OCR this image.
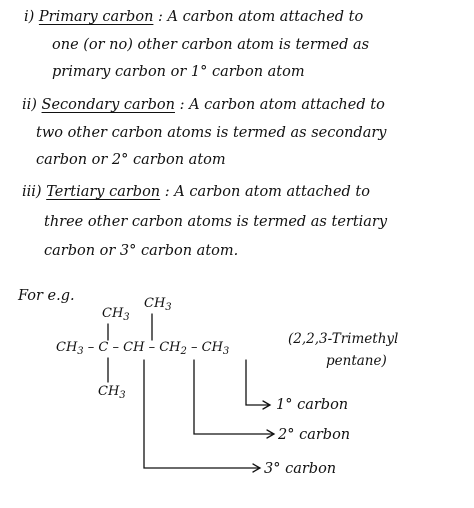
i) Primary carbon : A carbon atom attached to
one (or no) other carbon atom is termed as
primary carbon or 1° carbon atom
ii) Secondary carbon : A carbon atom attached to
two other carbon atoms is termed as secondary
carbon or 2° carbon atom
iii) Tertiary carbon : A carbon atom attached to
three other carbon atoms is termed as tertiary
carbon or 3° carbon atom.
For e.g.
$CH_3$
$CH_3$
$CH_3$ – C – CH – $CH_2 - CH_3$
$CH_3$
(2,2,3-Trimethyl
pentane)
1° carbon
2° carbon
3° carbon
